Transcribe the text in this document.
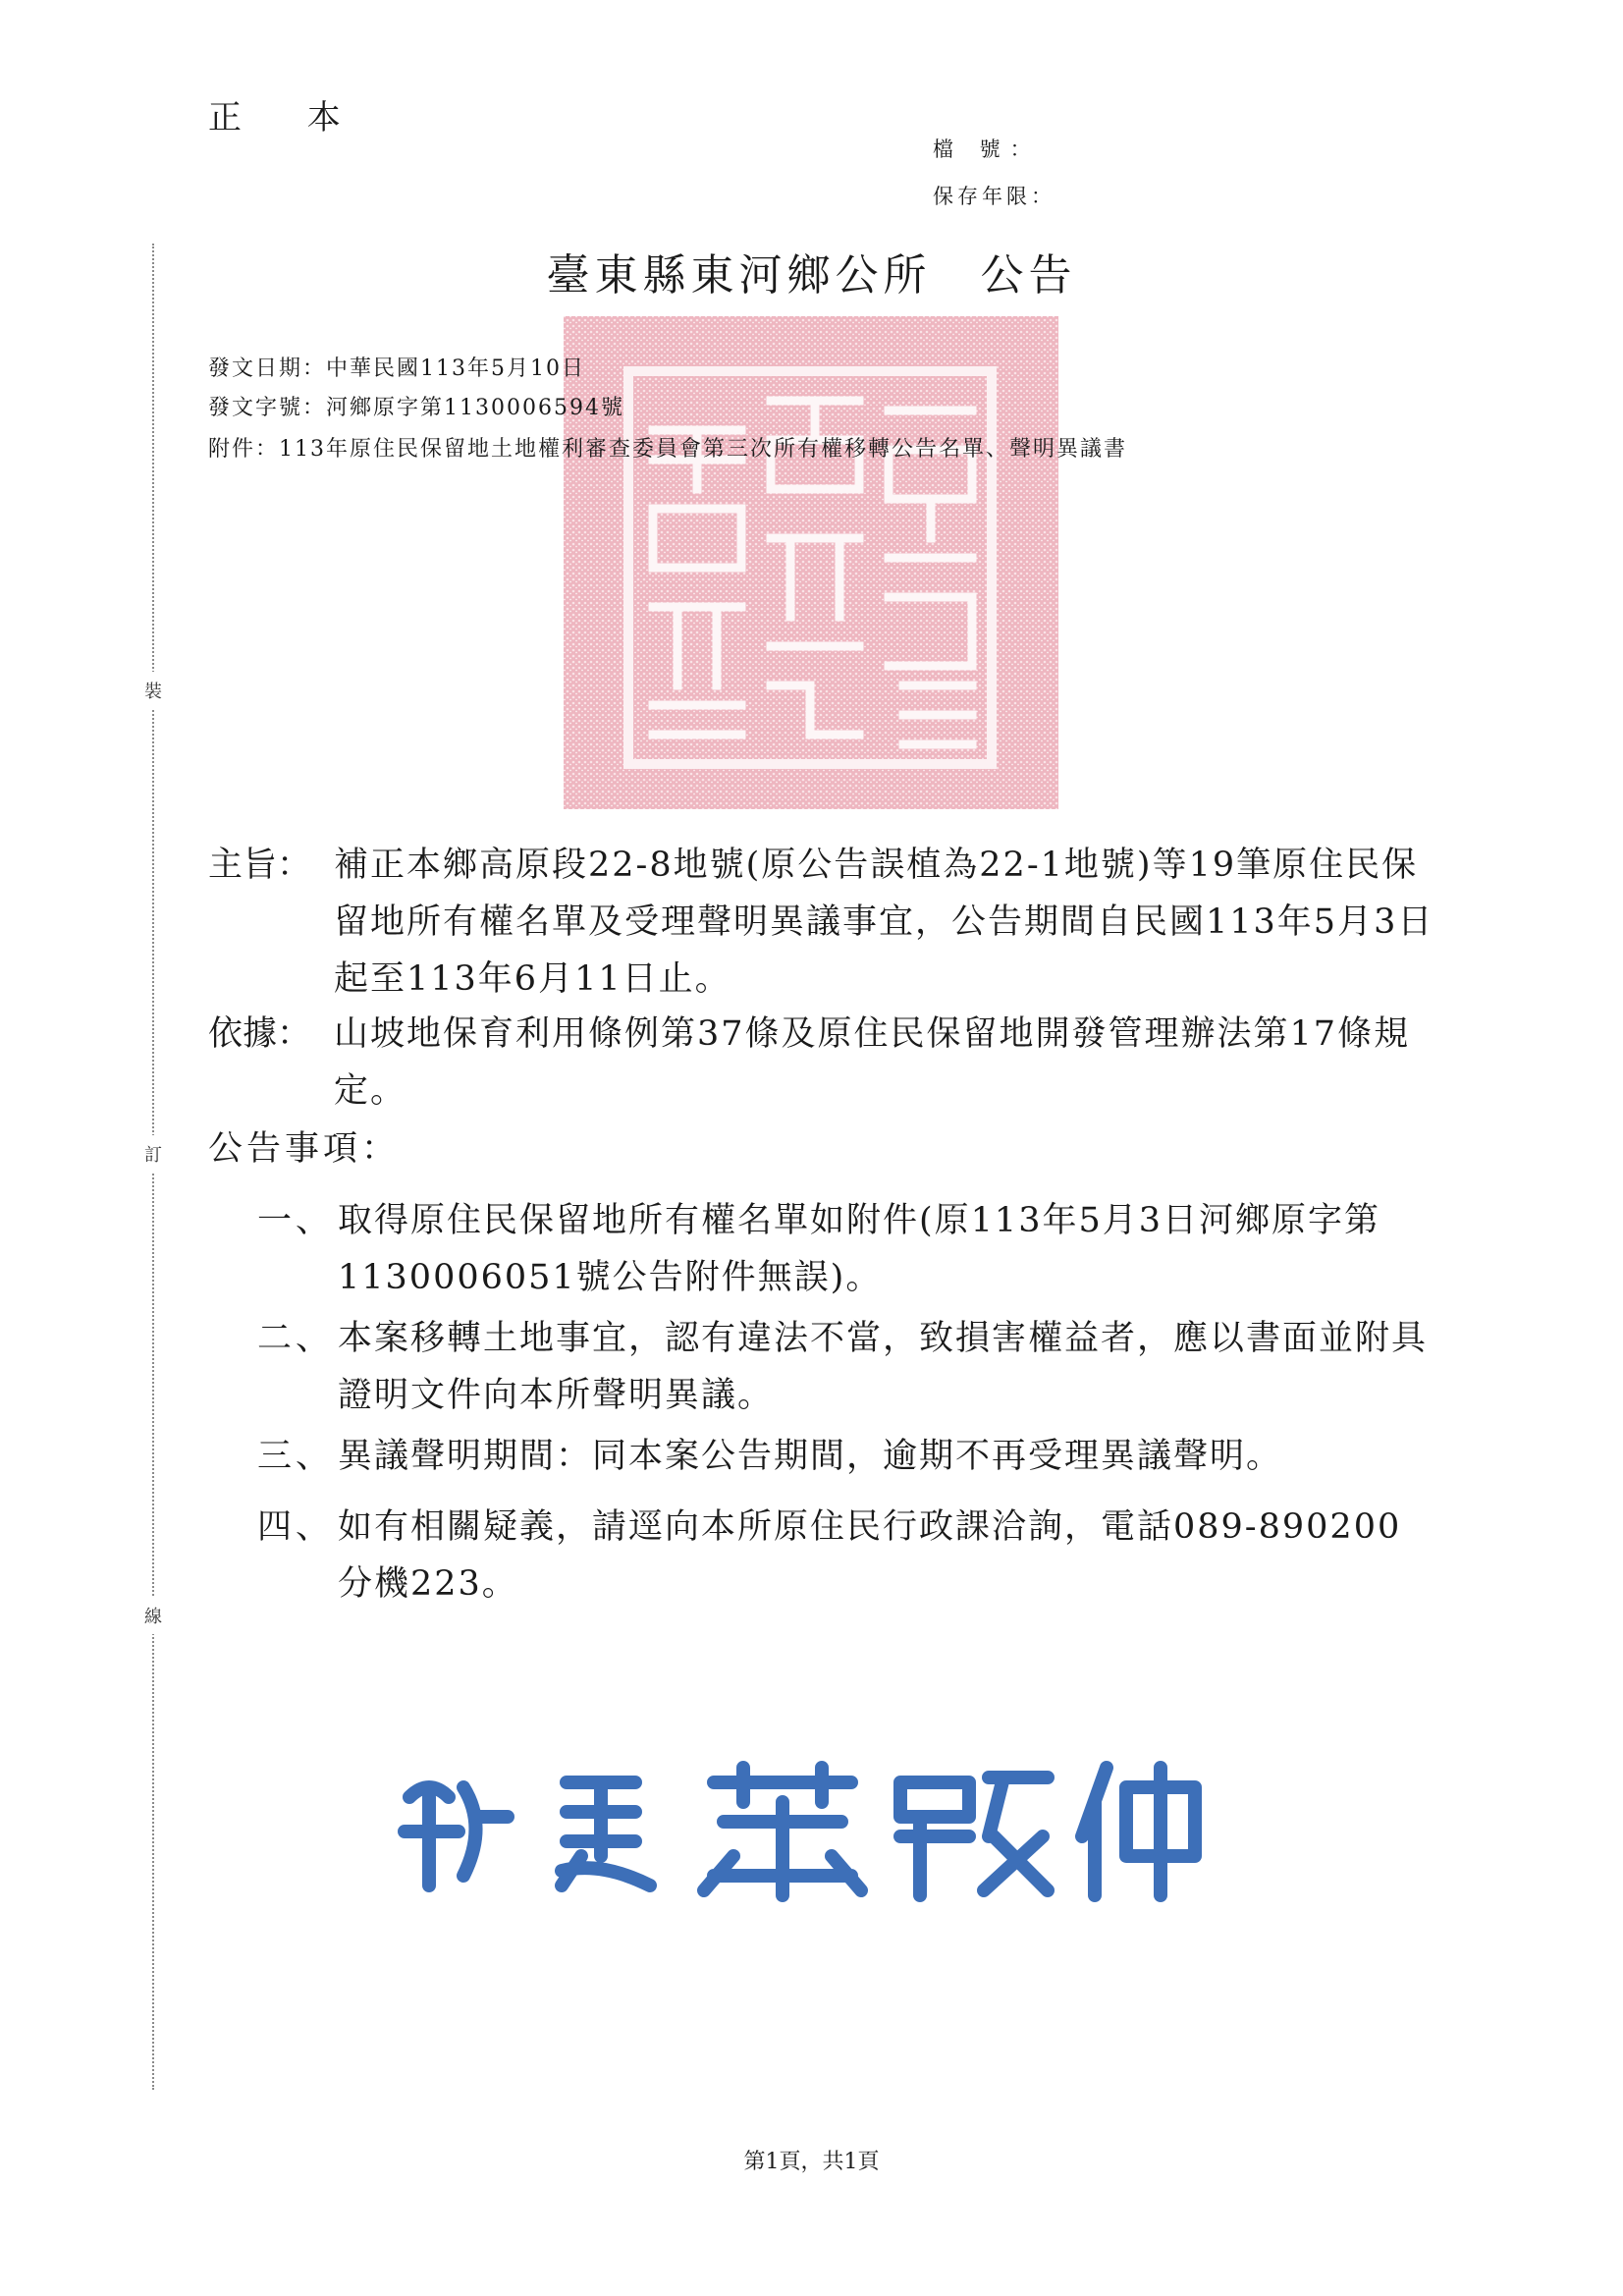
正 本
檔 號：
保存年限：
裝
訂
線
臺東縣東河鄉公所 公告
發文日期：中華民國113年5月10日
發文字號：河鄉原字第1130006594號
附件：113年原住民保留地土地權利審查委員會第三次所有權移轉公告名單、聲明異議書
主旨： 補正本鄉高原段22-8地號(原公告誤植為22-1地號)等19筆原住民保留地所有權名單及受理聲明異議事宜，公告期間自民國113年5月3日起至113年6月11日止。
依據： 山坡地保育利用條例第37條及原住民保留地開發管理辦法第17條規定。
公告事項：
一、 取得原住民保留地所有權名單如附件(原113年5月3日河鄉原字第1130006051號公告附件無誤)。
二、 本案移轉土地事宜，認有違法不當，致損害權益者，應以書面並附具證明文件向本所聲明異議。
三、 異議聲明期間：同本案公告期間，逾期不再受理異議聲明。
四、 如有相關疑義，請逕向本所原住民行政課洽詢，電話089-890200分機223。
第1頁，共1頁
